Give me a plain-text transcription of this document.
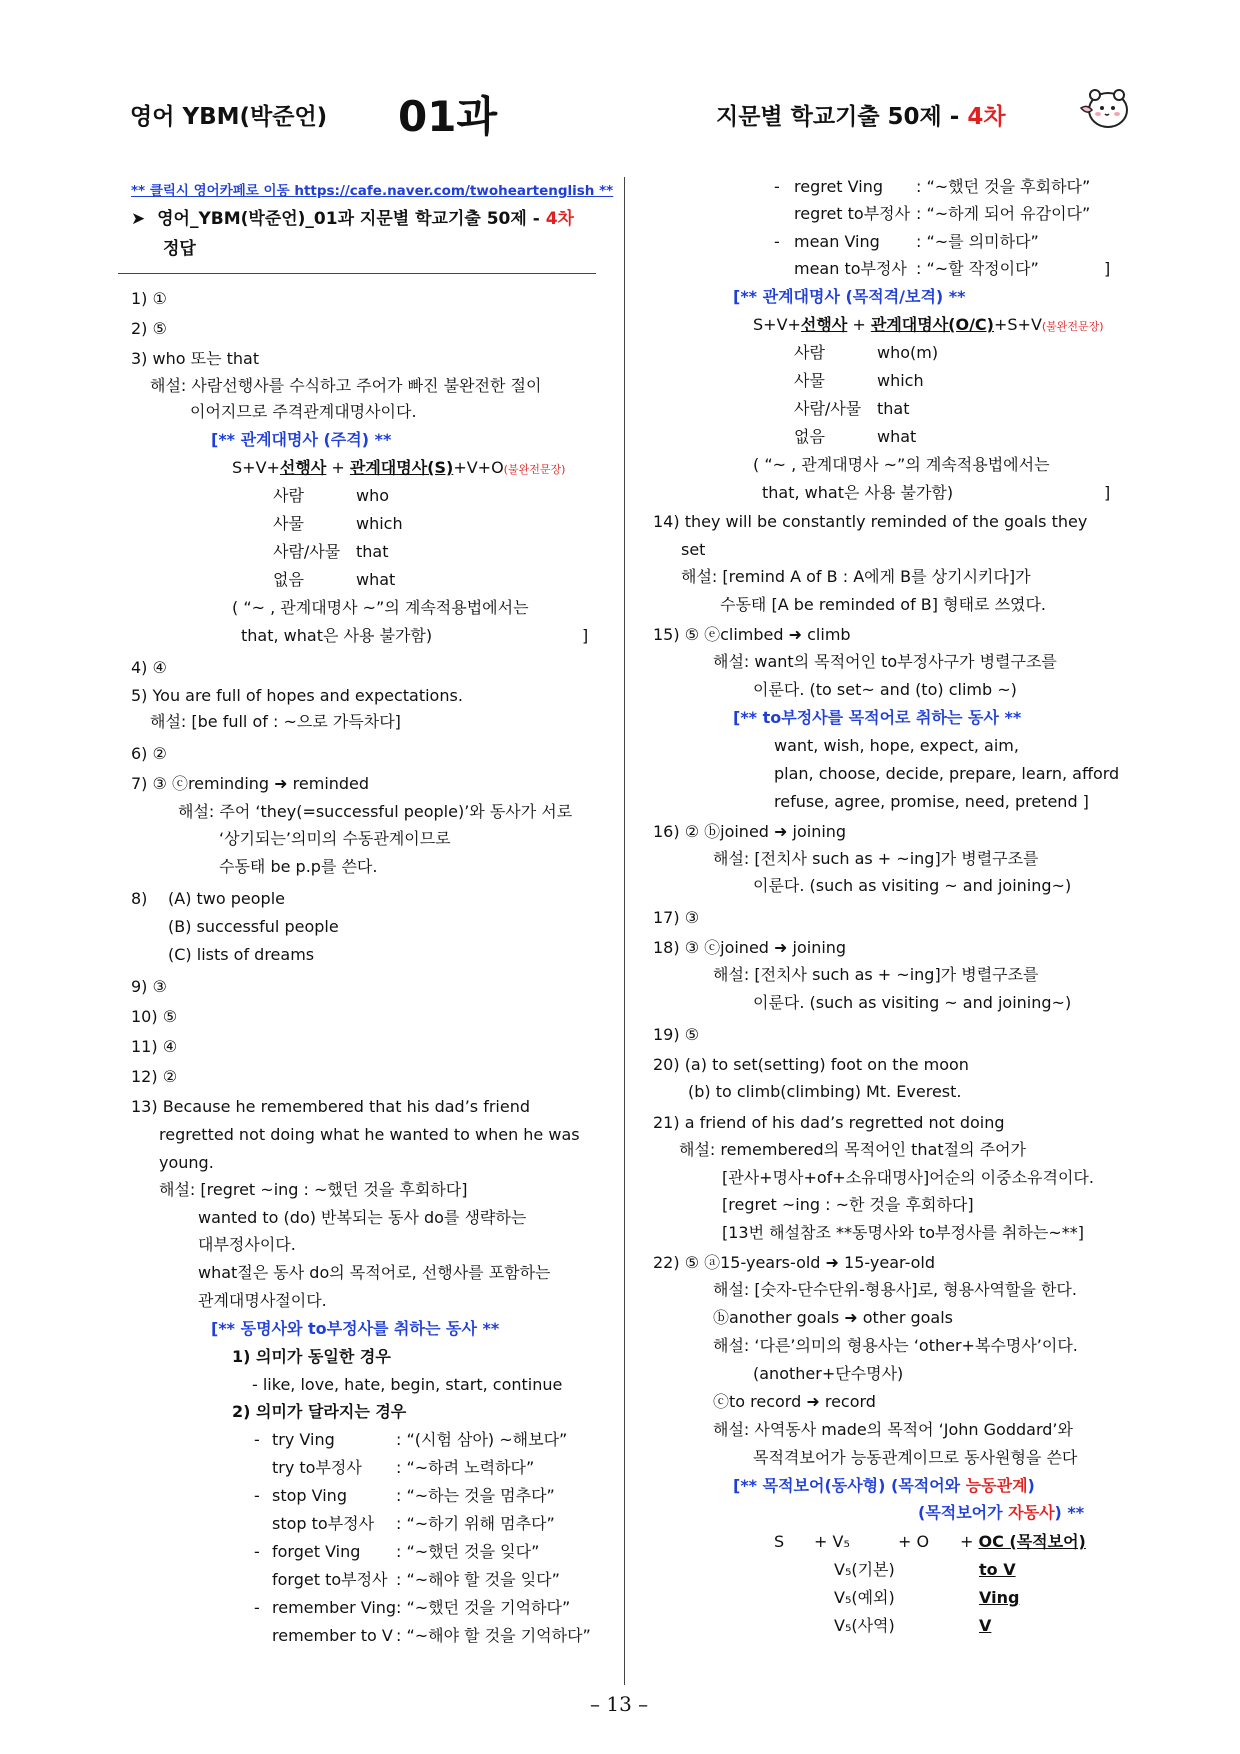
영어 YBM(박준언) 01과	지문별 학교기출 50제 - 4차
** 클릭시 영어카페로 이동 https://cafe.naver.com/twoheartenglish **
➤ 영어_YBM(박준언)_01과 지문별 학교기출 50제 - 4차
정답
1) ①
2) ⑤
3) who 또는 that
해설: 사람선행사를 수식하고 주어가 빠진 불완전한 절이
이어지므로 주격관계대명사이다.
[** 관계대명사 (주격) **
S+V+선행사 + 관계대명사(S)+V+O(불완전문장)
사람	who
사물	which
사람/사물 that
없음	what
( “~ , 관계대명사 ~”의 계속적용법에서는
that, what은 사용 불가함)	]
4) ④
5) You are full of hopes and expectations.
해설: [be full of : ~으로 가득차다]
6) ②
7) ③ ⓒreminding ➜ reminded
해설: 주어 ‘they(=successful people)’와 동사가 서로
‘상기되는’의미의 수동관계이므로
수동태 be p.p를 쓴다.
8) (A) two people
(B) successful people
(C) lists of dreams
9) ③
10) ⑤
11) ④
12) ②
13) Because he remembered that his dad’s friend
regretted not doing what he wanted to when he was
young.
해설: [regret ~ing : ~했던 것을 후회하다]
wanted to (do) 반복되는 동사 do를 생략하는
대부정사이다.
what절은 동사 do의 목적어로, 선행사를 포함하는
관계대명사절이다.
[** 동명사와 to부정사를 취하는 동사 **
1) 의미가 동일한 경우
- like, love, hate, begin, start, continue
2) 의미가 달라지는 경우
- try Ving	: “(시험 삼아) ~해보다”
try to부정사 : “~하려 노력하다”
- stop Ving	: “~하는 것을 멈추다”
stop to부정사 : “~하기 위해 멈추다”
- forget Ving : “~했던 것을 잊다”
forget to부정사 : “~해야 할 것을 잊다”
- remember Ving : “~했던 것을 기억하다”
remember to V : “~해야 할 것을 기억하다”
- regret Ving : “~했던 것을 후회하다”
regret to부정사 : “~하게 되어 유감이다”
- mean Ving : “~를 의미하다”
mean to부정사 : “~할 작정이다”	]
[** 관계대명사 (목적격/보격) **
S+V+선행사 + 관계대명사(O/C)+S+V(불완전문장)
사람	who(m)
사물	which
사람/사물 that
없음	what
( “~ , 관계대명사 ~”의 계속적용법에서는
that, what은 사용 불가함)	]
14) they will be constantly reminded of the goals they
set
해설: [remind A of B : A에게 B를 상기시키다]가
수동태 [A be reminded of B] 형태로 쓰였다.
15) ⑤ ⓔclimbed ➜ climb
해설: want의 목적어인 to부정사구가 병렬구조를
이룬다. (to set~ and (to) climb ~)
[** to부정사를 목적어로 취하는 동사 **
want, wish, hope, expect, aim,
plan, choose, decide, prepare, learn, afford
refuse, agree, promise, need, pretend ]
16) ② ⓑjoined ➜ joining
해설: [전치사 such as + ~ing]가 병렬구조를
이룬다. (such as visiting ~ and joining~)
17) ③
18) ③ ⓒjoined ➜ joining
해설: [전치사 such as + ~ing]가 병렬구조를
이룬다. (such as visiting ~ and joining~)
19) ⑤
20) (a) to set(setting) foot on the moon
(b) to climb(climbing) Mt. Everest.
21) a friend of his dad’s regretted not doing
해설: remembered의 목적어인 that절의 주어가
[관사+명사+of+소유대명사]어순의 이중소유격이다.
[regret ~ing : ~한 것을 후회하다]
[13번 해설참조 **동명사와 to부정사를 취하는~**]
22) ⑤ ⓐ15-years-old ➜ 15-year-old
해설: [숫자-단수단위-형용사]로, 형용사역할을 한다.
ⓑanother goals ➜ other goals
해설: ‘다른’의미의 형용사는 ‘other+복수명사’이다.
(another+단수명사)
ⓒto record ➜ record
해설: 사역동사 made의 목적어 ‘John Goddard’와
목적격보어가 능동관계이므로 동사원형을 쓴다
[** 목적보어(동사형) (목적어와 능동관계)
(목적보어가 자동사) **
S + V₅	+ O + OC (목적보어)
V₅(기본)	to V
V₅(예외)	Ving
V₅(사역)	V
– 13 –
